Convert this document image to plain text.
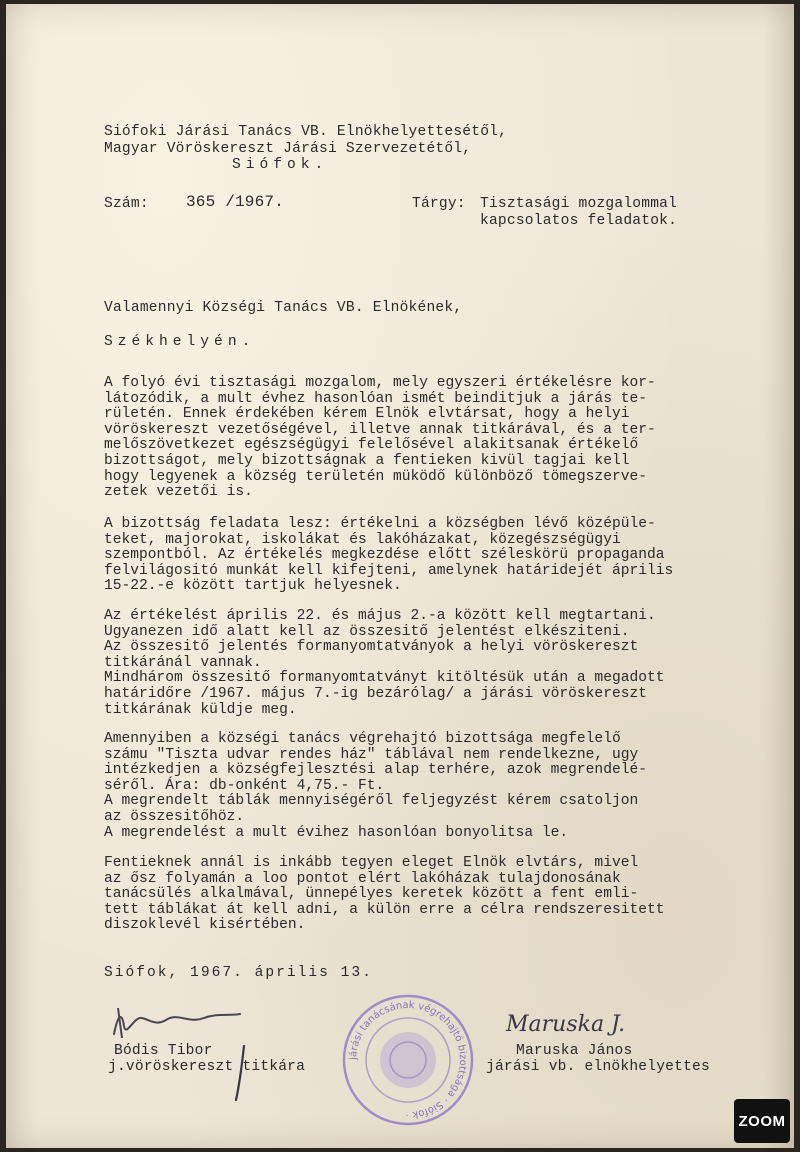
Siófoki Járási Tanács VB. Elnökhelyettesétől,
Magyar Vöröskereszt Járási Szervezetétől,
Siófok.
Szám: 365 /1967.	Tárgy: Tisztasági mozgalommal
kapcsolatos feladatok.
Valamennyi Községi Tanács VB. Elnökének,
Székhelyén.
A folyó évi tisztasági mozgalom, mely egyszeri értékelésre kor-
látozódik, a mult évhez hasonlóan ismét beinditjuk a járás te-
rületén. Ennek érdekében kérem Elnök elvtársat, hogy a helyi
vöröskereszt vezetőségével, illetve annak titkárával, és a ter-
melőszövetkezet egészségügyi felelősével alakitsanak értékelő
bizottságot, mely bizottságnak a fentieken kivül tagjai kell
hogy legyenek a község területén müködő különböző tömegszerve-
zetek vezetői is.
A bizottság feladata lesz: értékelni a községben lévő középüle-
teket, majorokat, iskolákat és lakóházakat, közegészségügyi
szempontból. Az értékelés megkezdése előtt széleskörü propaganda
felvilágositó munkát kell kifejteni, amelynek határidejét április
15-22.-e között tartjuk helyesnek.
Az értékelést április 22. és május 2.-a között kell megtartani.
Ugyanezen idő alatt kell az összesitő jelentést elkésziteni.
Az összesitő jelentés formanyomtatványok a helyi vöröskereszt
titkáránál vannak.
Mindhárom összesitő formanyomtatványt kitöltésük után a megadott
határidőre /1967. május 7.-ig bezárólag/ a járási vöröskereszt
titkárának küldje meg.
Amennyiben a községi tanács végrehajtó bizottsága megfelelő
számu "Tiszta udvar rendes ház" táblával nem rendelkezne, ugy
intézkedjen a községfejlesztési alap terhére, azok megrendelé-
séről. Ára: db-onként 4,75.- Ft.
A megrendelt táblák mennyiségéről feljegyzést kérem csatoljon
az összesitőhöz.
A megrendelést a mult évihez hasonlóan bonyolitsa le.
Fentieknek annál is inkább tegyen eleget Elnök elvtárs, mivel
az ősz folyamán a loo pontot elért lakóházak tulajdonosának
tanácsülés alkalmával, ünnepélyes keretek között a fent emli-
tett táblákat át kell adni, a külön erre a célra rendszeresitett
diszoklevél kisértében.
Siófok, 1967. április 13.
Bódis Tibor
j.vöröskereszt titkára
járási tanácsának végrehajtó bizottsága · Siófok ·
Maruska J.
Maruska János
járási vb. elnökhelyettes
ZOOM
